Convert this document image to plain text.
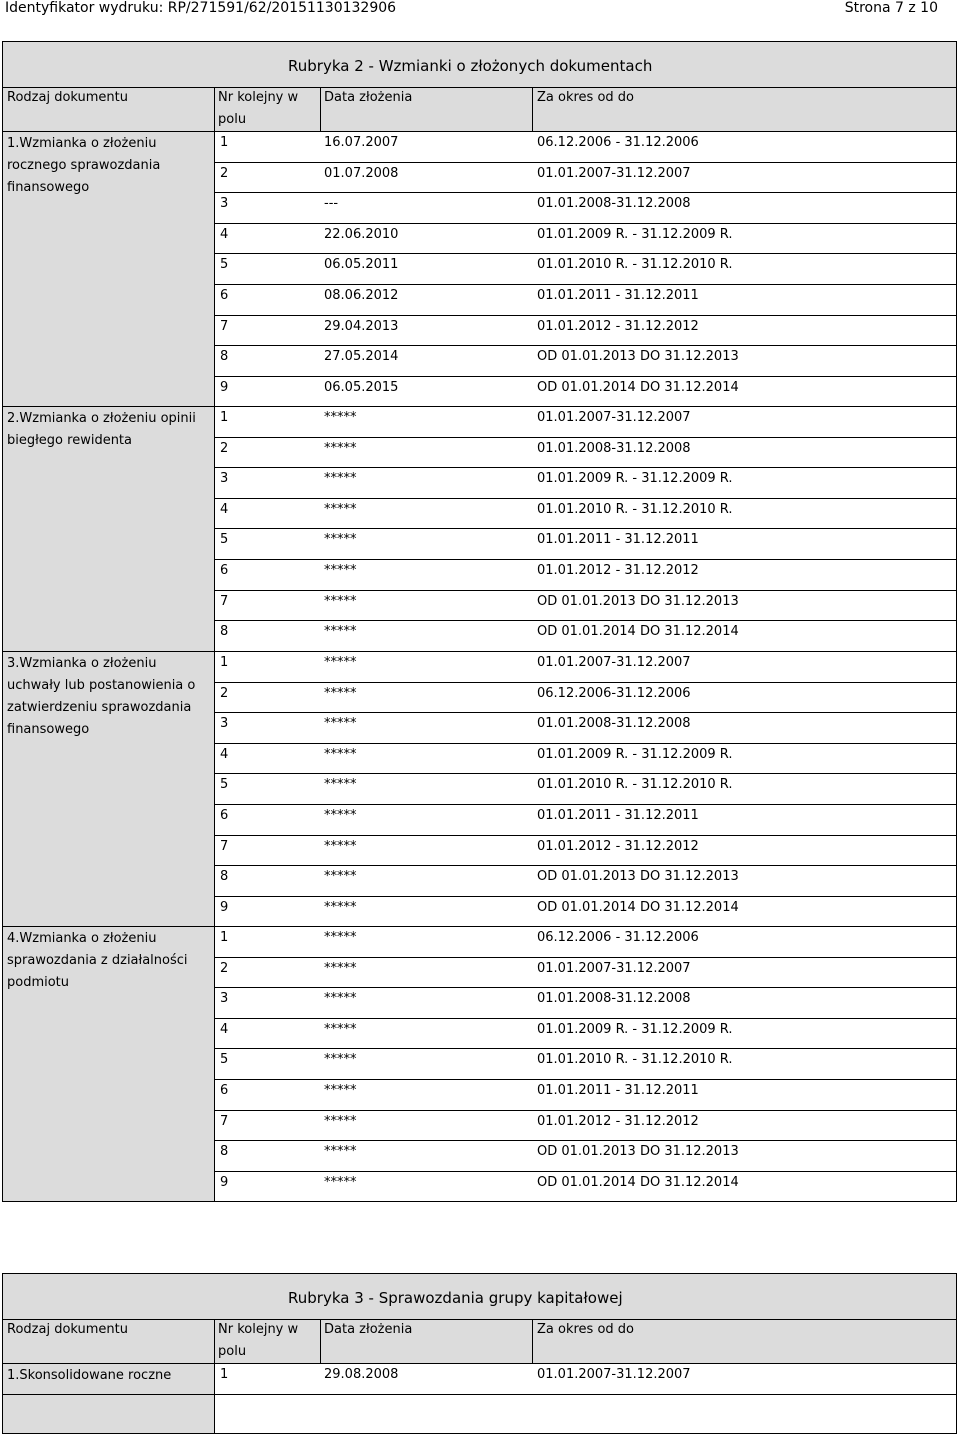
Identyfikator wydruku: RP/271591/62/20151130132906	Strona 7 z 10
Rubryka 2 - Wzmianki o złożonych dokumentach
Rodzaj dokumentu	Nr kolejny w
polu
Data złożenia	Za okres od do
1.Wzmianka o złożeniu rocznego sprawozdania finansowego
1	16.07.2007	06.12.2006 - 31.12.2006
2	01.07.2008	01.01.2007-31.12.2007
3	---	01.01.2008-31.12.2008
4	22.06.2010	01.01.2009 R. - 31.12.2009 R.
5	06.05.2011	01.01.2010 R. - 31.12.2010 R.
6	08.06.2012	01.01.2011 - 31.12.2011
7	29.04.2013	01.01.2012 - 31.12.2012
8	27.05.2014	OD 01.01.2013 DO 31.12.2013
9	06.05.2015	OD 01.01.2014 DO 31.12.2014
2.Wzmianka o złożeniu opinii biegłego rewidenta
1	*****	01.01.2007-31.12.2007
2	*****	01.01.2008-31.12.2008
3	*****	01.01.2009 R. - 31.12.2009 R.
4	*****	01.01.2010 R. - 31.12.2010 R.
5	*****	01.01.2011 - 31.12.2011
6	*****	01.01.2012 - 31.12.2012
7	*****	OD 01.01.2013 DO 31.12.2013
8	*****	OD 01.01.2014 DO 31.12.2014
3.Wzmianka o złożeniu uchwały lub postanowienia o zatwierdzeniu sprawozdania finansowego
1	*****	01.01.2007-31.12.2007
2	*****	06.12.2006-31.12.2006
3	*****	01.01.2008-31.12.2008
4	*****	01.01.2009 R. - 31.12.2009 R.
5	*****	01.01.2010 R. - 31.12.2010 R.
6	*****	01.01.2011 - 31.12.2011
7	*****	01.01.2012 - 31.12.2012
8	*****	OD 01.01.2013 DO 31.12.2013
9	*****	OD 01.01.2014 DO 31.12.2014
4.Wzmianka o złożeniu sprawozdania z działalności podmiotu
1	*****	06.12.2006 - 31.12.2006
2	*****	01.01.2007-31.12.2007
3	*****	01.01.2008-31.12.2008
4	*****	01.01.2009 R. - 31.12.2009 R.
5	*****	01.01.2010 R. - 31.12.2010 R.
6	*****	01.01.2011 - 31.12.2011
7	*****	01.01.2012 - 31.12.2012
8	*****	OD 01.01.2013 DO 31.12.2013
9	*****	OD 01.01.2014 DO 31.12.2014
Rubryka 3 - Sprawozdania grupy kapitałowej
Rodzaj dokumentu	Nr kolejny w
polu
Data złożenia	Za okres od do
1.Skonsolidowane roczne	1	29.08.2008	01.01.2007-31.12.2007
